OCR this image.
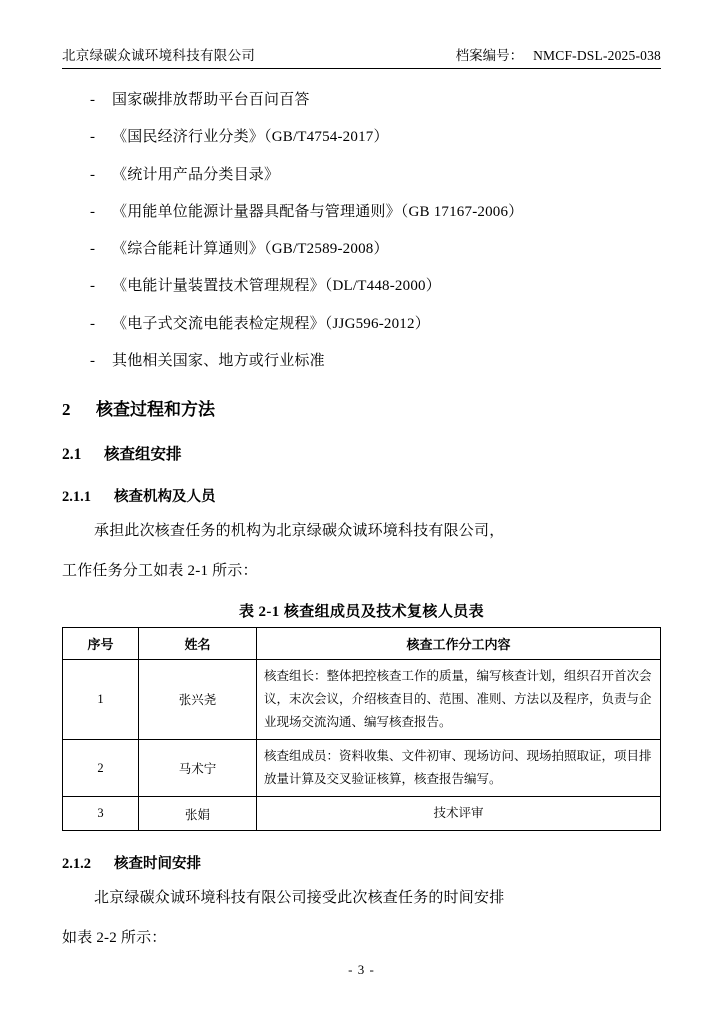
北京绿碳众诚环境科技有限公司	档案编号： NMCF-DSL-2025-038
-	国家碳排放帮助平台百问百答
-	《国民经济行业分类》（GB/T4754-2017）
-	《统计用产品分类目录》
-	《用能单位能源计量器具配备与管理通则》（GB 17167-2006）
-	《综合能耗计算通则》（GB/T2589-2008）
-	《电能计量装置技术管理规程》（DL/T448-2000）
-	《电子式交流电能表检定规程》（JJG596-2012）
-	其他相关国家、地方或行业标准
2	核查过程和方法
2.1	核查组安排
2.1.1	核查机构及人员

承担此次核查任务的机构为北京绿碳众诚环境科技有限公司，

工作任务分工如表 2-1 所示：

表 2-1 核查组成员及技术复核人员表
序号	姓名	核查工作分工内容
1	张兴尧	核查组长：整体把控核查工作的质量，编写核查计划，组织召开首次会议，末次会议，介绍核查目的、范围、准则、方法以及程序，负责与企业现场交流沟通、编写核查报告。
2	马术宁	核查组成员：资料收集、文件初审、现场访问、现场拍照取证，项目排放量计算及交叉验证核算，核查报告编写。
3	张娟	技术评审
2.1.2	核查时间安排

北京绿碳众诚环境科技有限公司接受此次核查任务的时间安排

如表 2-2 所示：

- 3 -
